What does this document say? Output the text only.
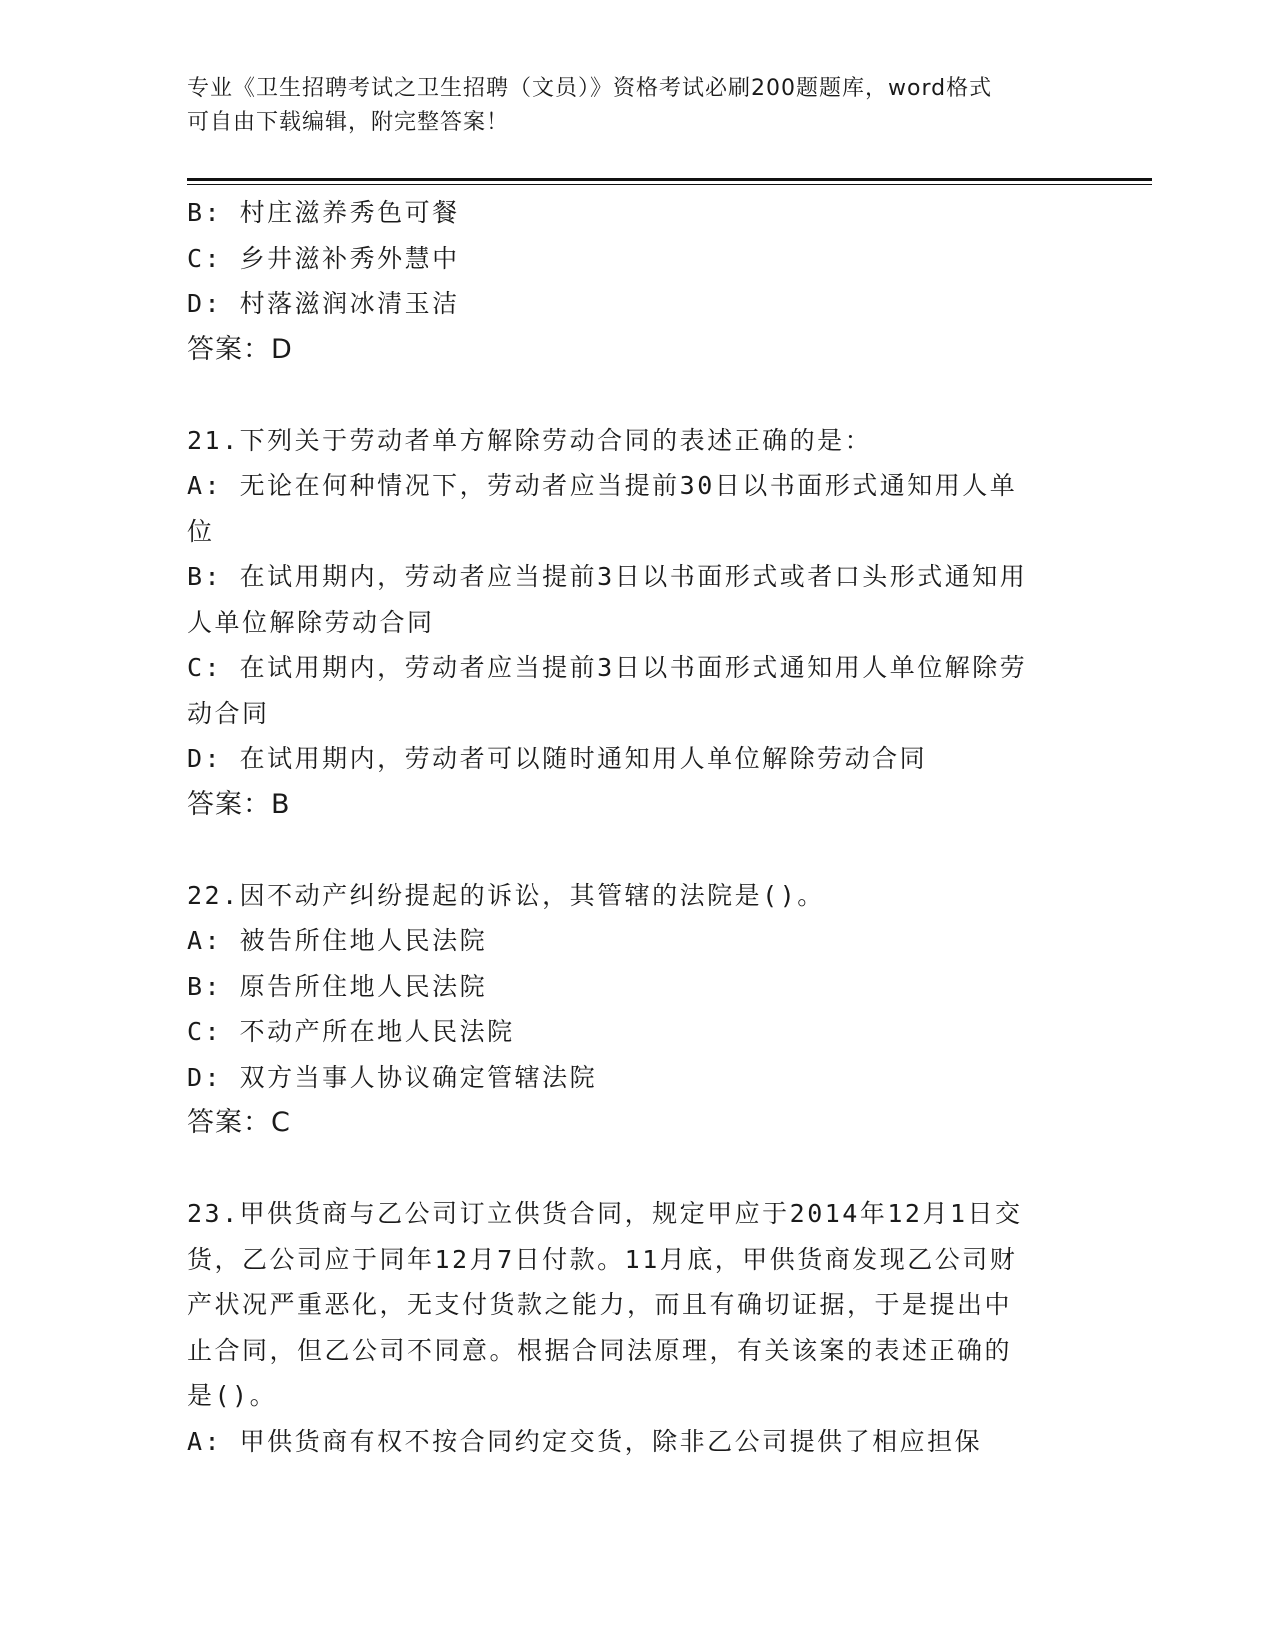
专业《卫生招聘考试之卫生招聘（文员）》资格考试必刷200题题库，word格式
可自由下载编辑，附完整答案！

B: 村庄滋养秀色可餐

C: 乡井滋补秀外慧中

D: 村落滋润冰清玉洁

答案：D

21.下列关于劳动者单方解除劳动合同的表述正确的是：

A: 无论在何种情况下，劳动者应当提前30日以书面形式通知用人单

位

B: 在试用期内，劳动者应当提前3日以书面形式或者口头形式通知用

人单位解除劳动合同

C: 在试用期内，劳动者应当提前3日以书面形式通知用人单位解除劳

动合同

D: 在试用期内，劳动者可以随时通知用人单位解除劳动合同

答案：B

22.因不动产纠纷提起的诉讼，其管辖的法院是()。

A: 被告所住地人民法院

B: 原告所住地人民法院

C: 不动产所在地人民法院

D: 双方当事人协议确定管辖法院

答案：C

23.甲供货商与乙公司订立供货合同，规定甲应于2014年12月1日交

货，乙公司应于同年12月7日付款。11月底，甲供货商发现乙公司财

产状况严重恶化，无支付货款之能力，而且有确切证据，于是提出中

止合同，但乙公司不同意。根据合同法原理，有关该案的表述正确的

是()。

A: 甲供货商有权不按合同约定交货，除非乙公司提供了相应担保
